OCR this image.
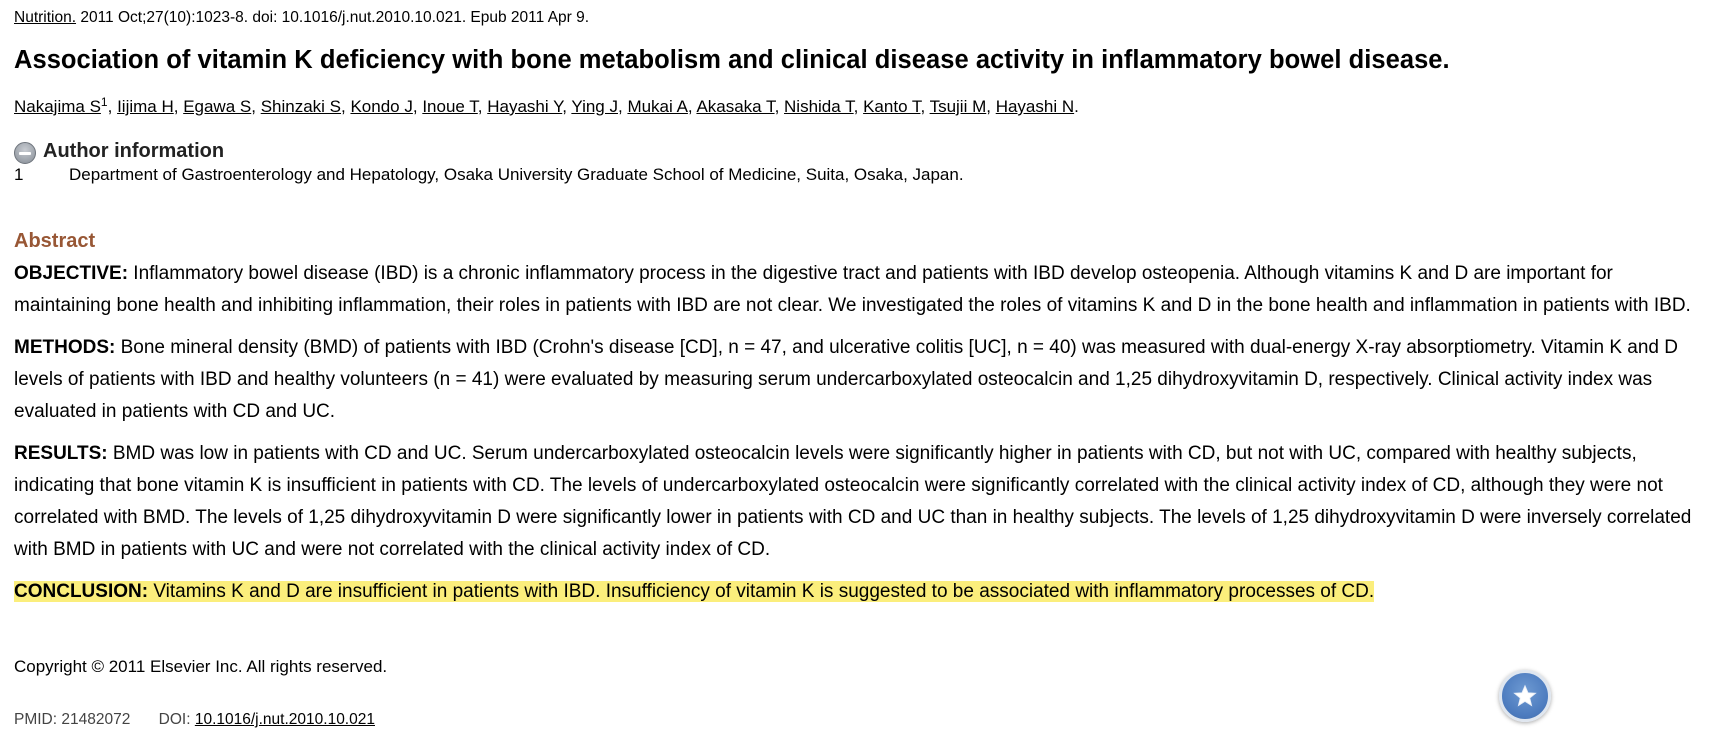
Nutrition. 2011 Oct;27(10):1023-8. doi: 10.1016/j.nut.2010.10.021. Epub 2011 Apr 9.
Association of vitamin K deficiency with bone metabolism and clinical disease activity in inflammatory bowel disease.
Nakajima $S^1$, Iijima H, Egawa S, Shinzaki S, Kondo J, Inoue T, Hayashi Y, Ying J, Mukai A, Akasaka T, Nishida T, Kanto T, Tsujii M, Hayashi N.
Author information
1	Department of Gastroenterology and Hepatology, Osaka University Graduate School of Medicine, Suita, Osaka, Japan.
Abstract

OBJECTIVE: Inflammatory bowel disease (IBD) is a chronic inflammatory process in the digestive tract and patients with IBD develop osteopenia. Although vitamins K and D are important for maintaining bone health and inhibiting inflammation, their roles in patients with IBD are not clear. We investigated the roles of vitamins K and D in the bone health and inflammation in patients with IBD.

METHODS: Bone mineral density (BMD) of patients with IBD (Crohn's disease [CD], n = 47, and ulcerative colitis [UC], n = 40) was measured with dual-energy X-ray absorptiometry. Vitamin K and D levels of patients with IBD and healthy volunteers (n = 41) were evaluated by measuring serum undercarboxylated osteocalcin and 1,25 dihydroxyvitamin D, respectively. Clinical activity index was evaluated in patients with CD and UC.

RESULTS: BMD was low in patients with CD and UC. Serum undercarboxylated osteocalcin levels were significantly higher in patients with CD, but not with UC, compared with healthy subjects, indicating that bone vitamin K is insufficient in patients with CD. The levels of undercarboxylated osteocalcin were significantly correlated with the clinical activity index of CD, although they were not correlated with BMD. The levels of 1,25 dihydroxyvitamin D were significantly lower in patients with CD and UC than in healthy subjects. The levels of 1,25 dihydroxyvitamin D were inversely correlated with BMD in patients with UC and were not correlated with the clinical activity index of CD.

CONCLUSION: Vitamins K and D are insufficient in patients with IBD. Insufficiency of vitamin K is suggested to be associated with inflammatory processes of CD.

Copyright © 2011 Elsevier Inc. All rights reserved.
PMID: 21482072 DOI: 10.1016/j.nut.2010.10.021
